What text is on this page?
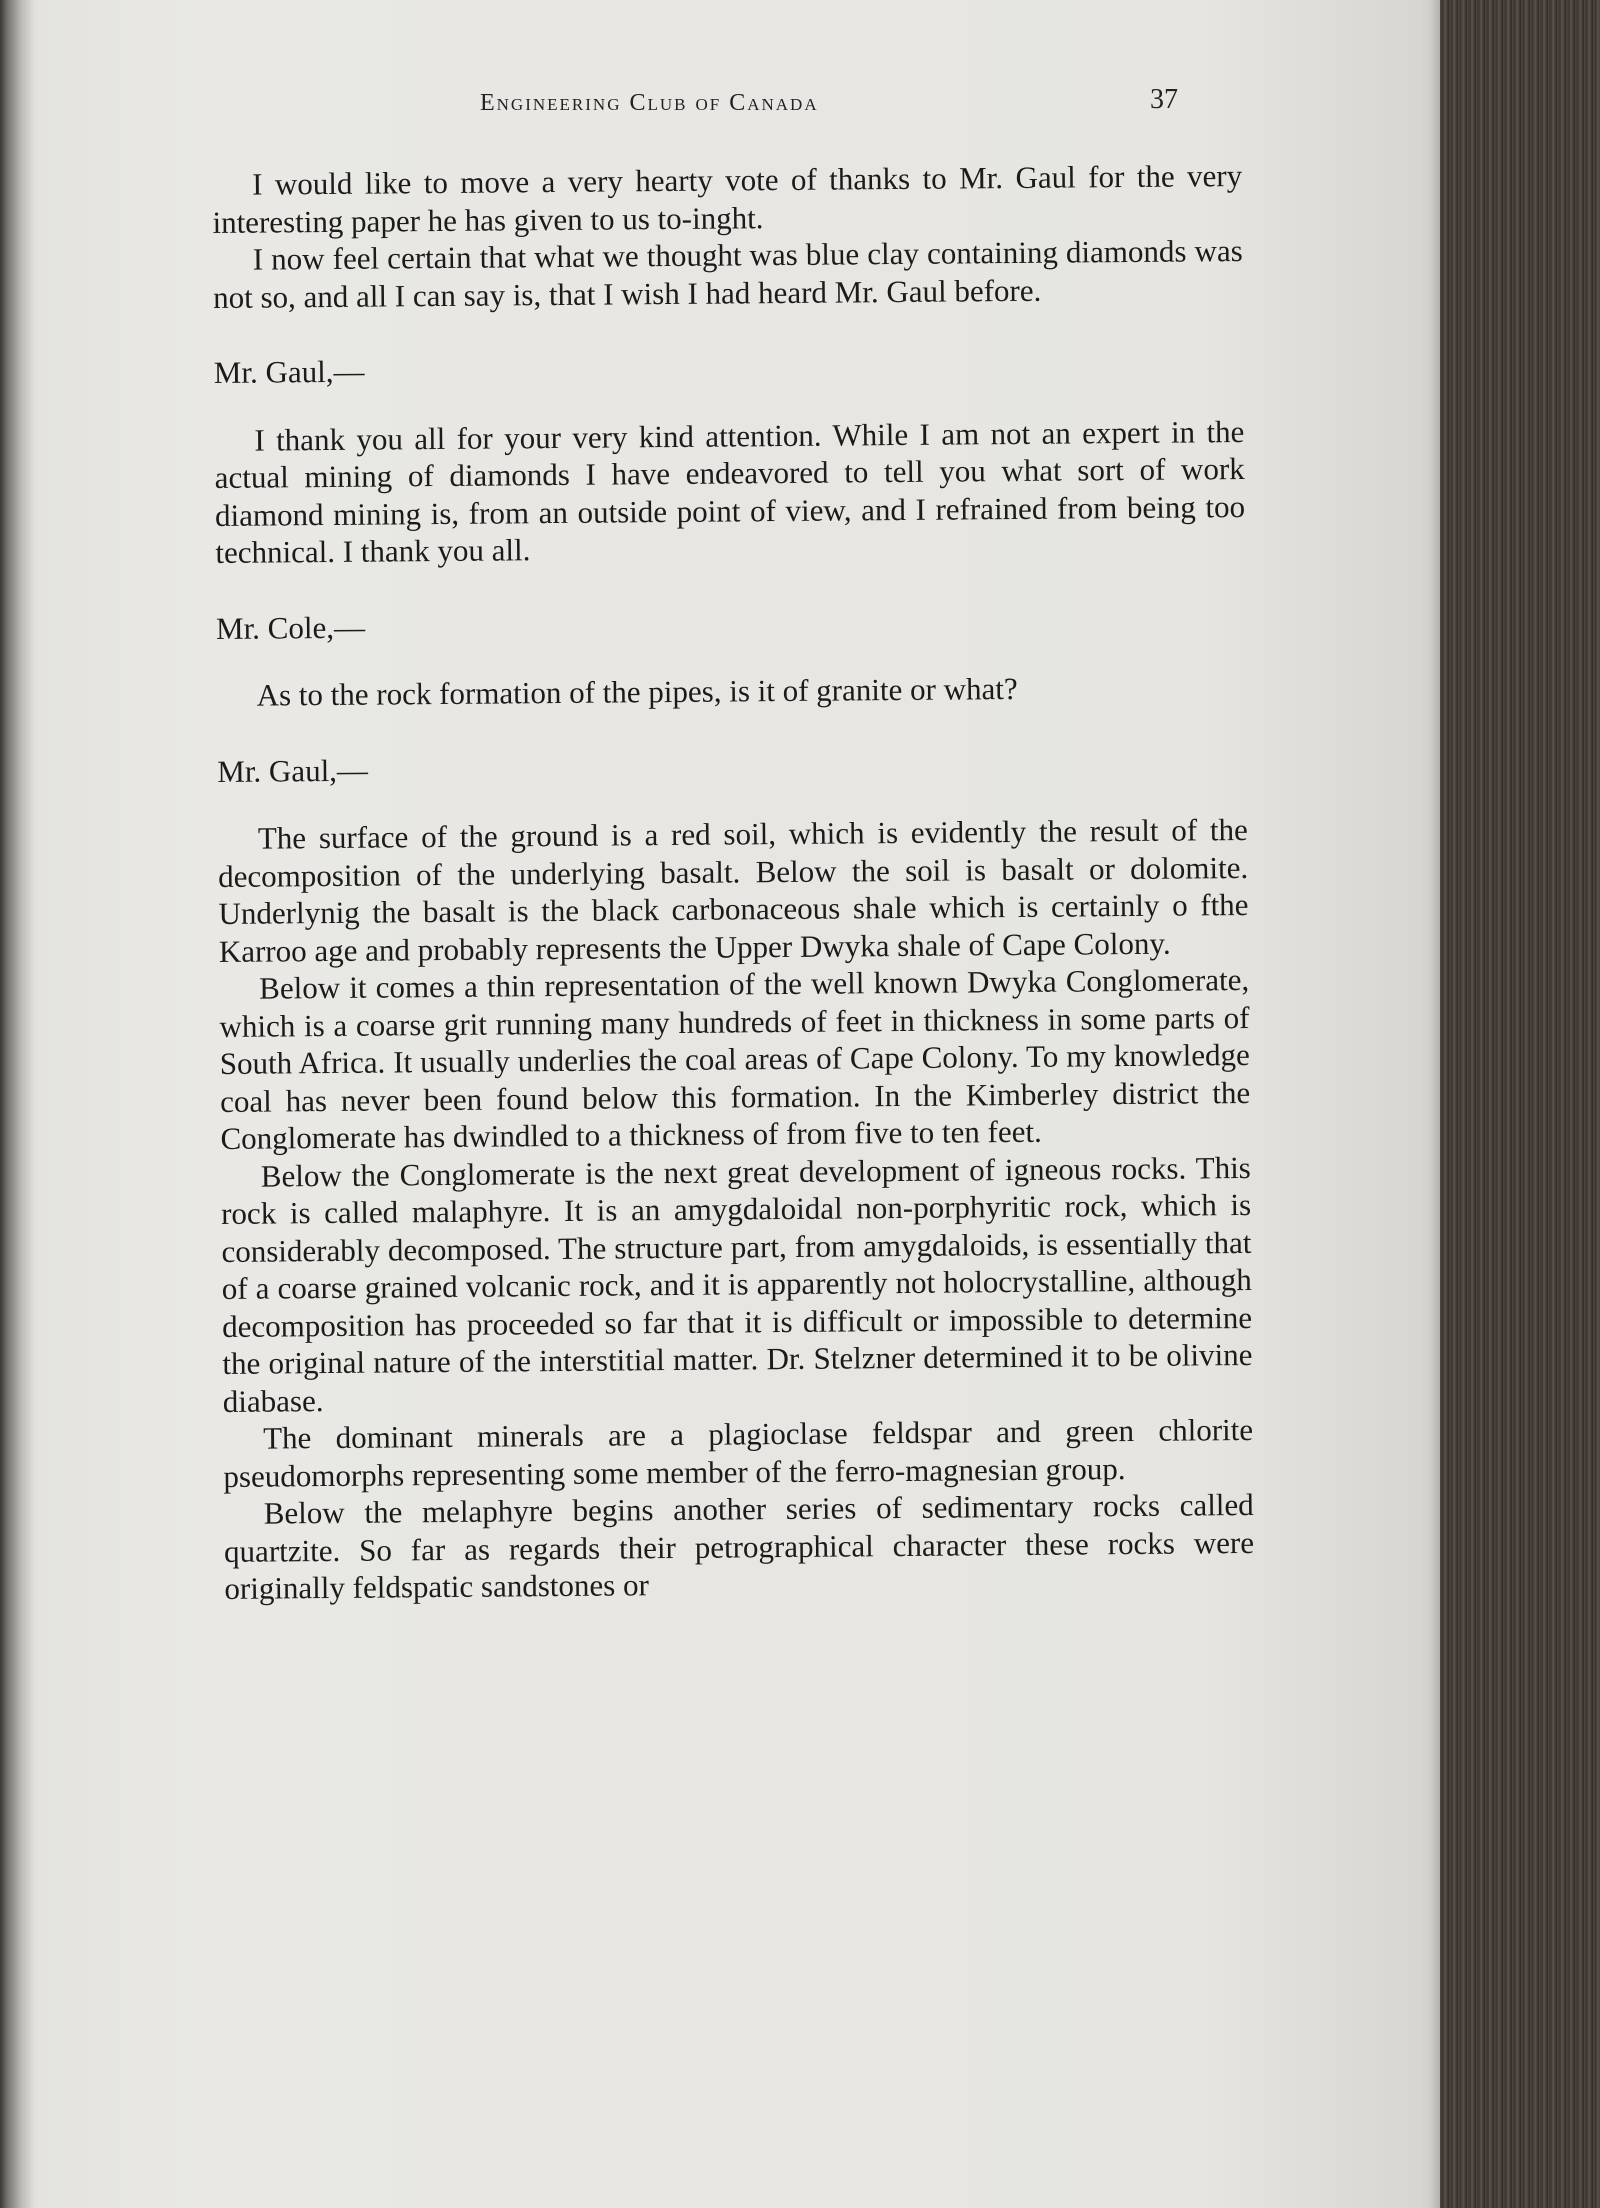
Engineering Club of Canada	37

I would like to move a very hearty vote of thanks to Mr. Gaul for the very interesting paper he has given to us to-inght.

I now feel certain that what we thought was blue clay containing diamonds was not so, and all I can say is, that I wish I had heard Mr. Gaul before.

Mr. Gaul,—

I thank you all for your very kind attention. While I am not an expert in the actual mining of diamonds I have endeavored to tell you what sort of work diamond mining is, from an outside point of view, and I refrained from being too technical. I thank you all.

Mr. Cole,—

As to the rock formation of the pipes, is it of granite or what?

Mr. Gaul,—

The surface of the ground is a red soil, which is evidently the result of the decomposition of the underlying basalt. Below the soil is basalt or dolomite. Underlynig the basalt is the black carbonaceous shale which is certainly o fthe Karroo age and probably represents the Upper Dwyka shale of Cape Colony.

Below it comes a thin representation of the well known Dwyka Conglomerate, which is a coarse grit running many hundreds of feet in thickness in some parts of South Africa. It usually underlies the coal areas of Cape Colony. To my knowledge coal has never been found below this formation. In the Kimberley district the Conglomerate has dwindled to a thickness of from five to ten feet.

Below the Conglomerate is the next great development of igneous rocks. This rock is called malaphyre. It is an amygdaloidal non-porphyritic rock, which is considerably decomposed. The structure part, from amygdaloids, is essentially that of a coarse grained volcanic rock, and it is apparently not holocrystalline, although decomposition has proceeded so far that it is difficult or impossible to determine the original nature of the interstitial matter. Dr. Stelzner determined it to be olivine diabase.

The dominant minerals are a plagioclase feldspar and green chlorite pseudomorphs representing some member of the ferro-magnesian group.

Below the melaphyre begins another series of sedimentary rocks called quartzite. So far as regards their petrographical character these rocks were originally feldspatic sandstones or
